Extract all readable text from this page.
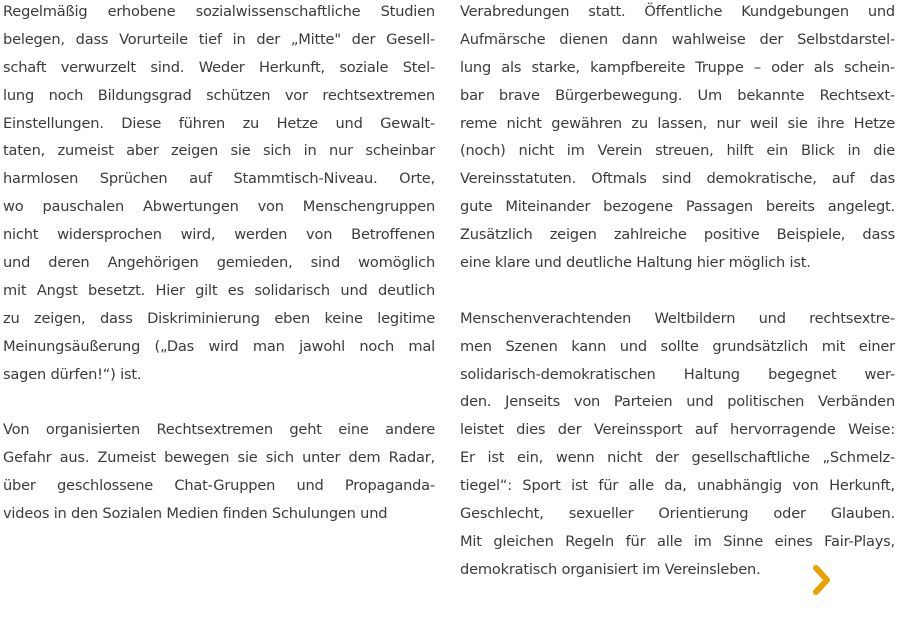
Regelmäßig erhobene sozialwissenschaftliche Studien
belegen, dass Vorurteile tief in der „Mitte" der Gesell-
schaft verwurzelt sind. Weder Herkunft, soziale Stel-
lung noch Bildungsgrad schützen vor rechtsextremen
Einstellungen. Diese führen zu Hetze und Gewalt-
taten, zumeist aber zeigen sie sich in nur scheinbar
harmlosen Sprüchen auf Stammtisch-Niveau. Orte,
wo pauschalen Abwertungen von Menschengruppen
nicht widersprochen wird, werden von Betroffenen
und deren Angehörigen gemieden, sind womöglich
mit Angst besetzt. Hier gilt es solidarisch und deutlich
zu zeigen, dass Diskriminierung eben keine legitime
Meinungsäußerung („Das wird man jawohl noch mal
sagen dürfen!“) ist.
Von organisierten Rechtsextremen geht eine andere
Gefahr aus. Zumeist bewegen sie sich unter dem Radar,
über geschlossene Chat-Gruppen und Propaganda-
videos in den Sozialen Medien finden Schulungen und
Verabredungen statt. Öffentliche Kundgebungen und
Aufmärsche dienen dann wahlweise der Selbstdarstel-
lung als starke, kampfbereite Truppe – oder als schein-
bar brave Bürgerbewegung. Um bekannte Rechtsext-
reme nicht gewähren zu lassen, nur weil sie ihre Hetze
(noch) nicht im Verein streuen, hilft ein Blick in die
Vereinsstatuten. Oftmals sind demokratische, auf das
gute Miteinander bezogene Passagen bereits angelegt.
Zusätzlich zeigen zahlreiche positive Beispiele, dass
eine klare und deutliche Haltung hier möglich ist.
Menschenverachtenden Weltbildern und rechtsextre-
men Szenen kann und sollte grundsätzlich mit einer
solidarisch-demokratischen Haltung begegnet wer-
den. Jenseits von Parteien und politischen Verbänden
leistet dies der Vereinssport auf hervorragende Weise:
Er ist ein, wenn nicht der gesellschaftliche „Schmelz-
tiegel“: Sport ist für alle da, unabhängig von Herkunft,
Geschlecht, sexueller Orientierung oder Glauben.
Mit gleichen Regeln für alle im Sinne eines Fair-Plays,
demokratisch organisiert im Vereinsleben.
